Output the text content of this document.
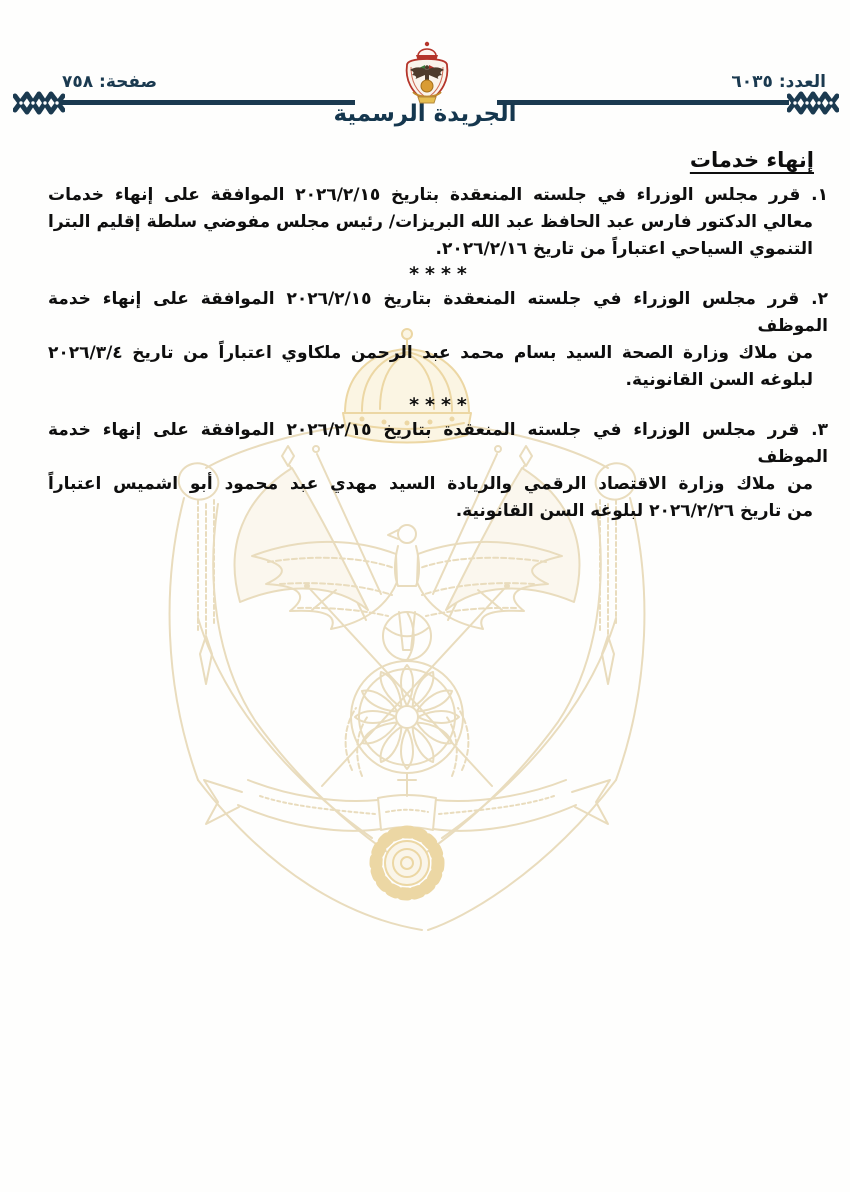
العدد: ٦٠٣٥
صفحة: ٧٥٨
الجريدة الرسمية
إنهاء خدمات
١. قرر مجلس الوزراء في جلسته المنعقدة بتاريخ ٢٠٢٦/٢/١٥ الموافقة على إنهاء خدمات
معالي الدكتور فارس عبد الحافظ عبد الله البريزات/ رئيس مجلس مفوضي سلطة إقليم البترا
التنموي السياحي اعتباراً من تاريخ ٢٠٢٦/٢/١٦.
****
٢. قرر مجلس الوزراء في جلسته المنعقدة بتاريخ ٢٠٢٦/٢/١٥ الموافقة على إنهاء خدمة الموظف
من ملاك وزارة الصحة السيد بسام محمد عبد الرحمن ملكاوي اعتباراً من تاريخ ٢٠٢٦/٣/٤
لبلوغه السن القانونية.
****
٣. قرر مجلس الوزراء في جلسته المنعقدة بتاريخ ٢٠٢٦/٢/١٥ الموافقة على إنهاء خدمة الموظف
من ملاك وزارة الاقتصاد الرقمي والريادة السيد مهدي عبد محمود أبو اشميس اعتباراً
من تاريخ ٢٠٢٦/٢/٢٦ لبلوغه السن القانونية.
